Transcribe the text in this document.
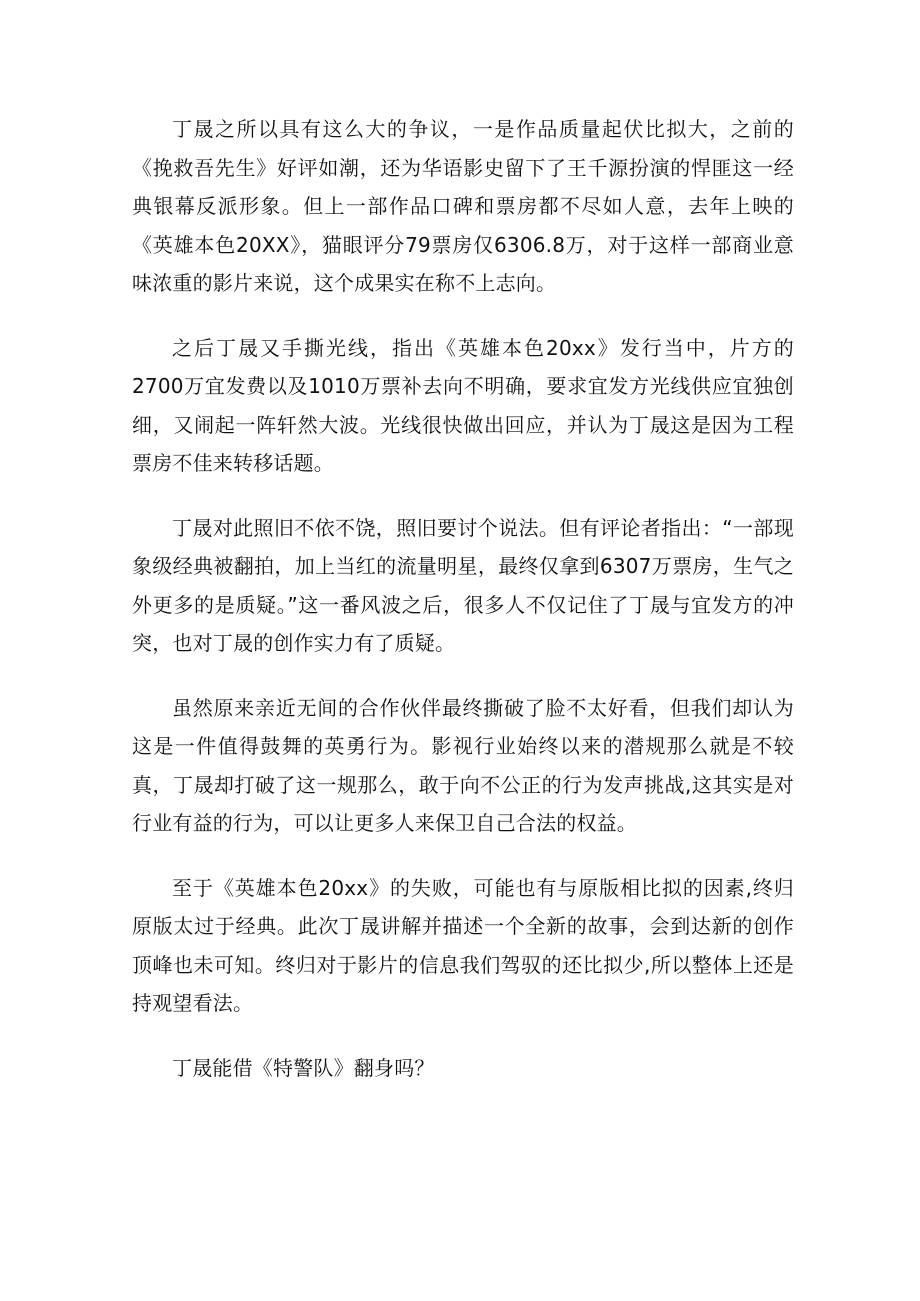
丁晟之所以具有这么大的争议，一是作品质量起伏比拟大，之前的《挽救吾先生》好评如潮，还为华语影史留下了王千源扮演的悍匪这一经典银幕反派形象。但上一部作品口碑和票房都不尽如人意，去年上映的《英雄本色20XX》，猫眼评分79票房仅6306.8万，对于这样一部商业意味浓重的影片来说，这个成果实在称不上志向。

之后丁晟又手撕光线，指出《英雄本色20xx》发行当中，片方的2700万宜发费以及1010万票补去向不明确，要求宜发方光线供应宜独创细，又闹起一阵轩然大波。光线很快做出回应，并认为丁晟这是因为工程票房不佳来转移话题。

丁晟对此照旧不依不饶，照旧要讨个说法。但有评论者指出：“一部现象级经典被翻拍，加上当红的流量明星，最终仅拿到6307万票房，生气之外更多的是质疑。”这一番风波之后，很多人不仅记住了丁晟与宜发方的冲突，也对丁晟的创作实力有了质疑。

虽然原来亲近无间的合作伙伴最终撕破了脸不太好看，但我们却认为这是一件值得鼓舞的英勇行为。影视行业始终以来的潜规那么就是不较真，丁晟却打破了这一规那么，敢于向不公正的行为发声挑战,这其实是对行业有益的行为，可以让更多人来保卫自己合法的权益。

至于《英雄本色20xx》的失败，可能也有与原版相比拟的因素,终归原版太过于经典。此次丁晟讲解并描述一个全新的故事，会到达新的创作顶峰也未可知。终归对于影片的信息我们驾驭的还比拟少,所以整体上还是持观望看法。

丁晟能借《特警队》翻身吗？
